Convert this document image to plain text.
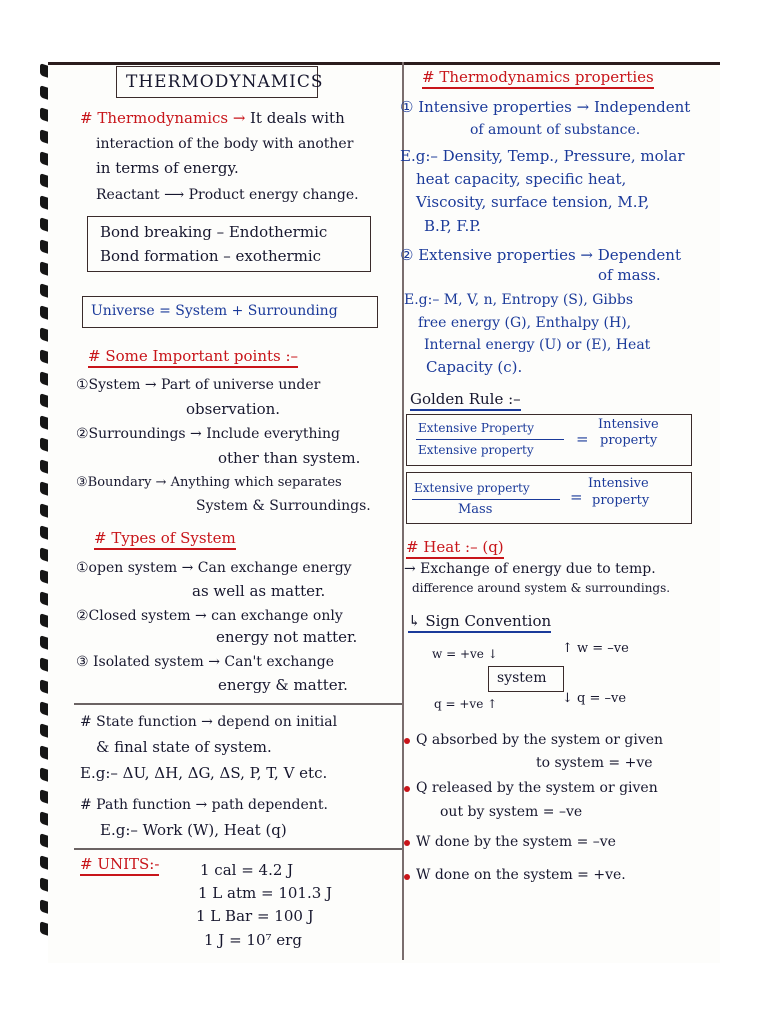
THERMODYNAMICS
# Thermodynamics → It deals with
interaction of the body with another
in terms of energy.
Reactant ⟶ Product energy change.
Bond breaking – Endothermic
Bond formation – exothermic
Universe = System + Surrounding
# Some Important points :–
①System → Part of universe under
observation.
②Surroundings → Include everything
other than system.
③Boundary → Anything which separates
System & Surroundings.
# Types of System
①open system → Can exchange energy
as well as matter.
②Closed system → can exchange only
energy not matter.
③ Isolated system → Can't exchange
energy & matter.
# State function → depend on initial
& final state of system.
E.g:– ΔU, ΔH, ΔG, ΔS, P, T, V etc.
# Path function → path dependent.
E.g:– Work (W), Heat (q)
# UNITS:-	1 cal = 4.2 J
1 L atm = 101.3 J
1 L Bar = 100 J
1 J = 10⁷ erg
# Thermodynamics properties
① Intensive properties → Independent
of amount of substance.
E.g:– Density, Temp., Pressure, molar
heat capacity, specific heat,
Viscosity, surface tension, M.P,
B.P, F.P.
② Extensive properties → Dependent
of mass.
E.g:– M, V, n, Entropy (S), Gibbs
free energy (G), Enthalpy (H),
Internal energy (U) or (E), Heat
Capacity (c).
Golden Rule :–
Extensive Property
Extensive property
=
Intensive
property
Extensive property
Mass
=
Intensive
property
# Heat :– (q)
→ Exchange of energy due to temp.
difference around system & surroundings.
↳ Sign Convention
w = +ve ↓	↑ w = –ve
system
q = +ve ↑	↓ q = –ve
Q absorbed by the system or given
to system = +ve
Q released by the system or given
out by system = –ve
W done by the system = –ve
W done on the system = +ve.
